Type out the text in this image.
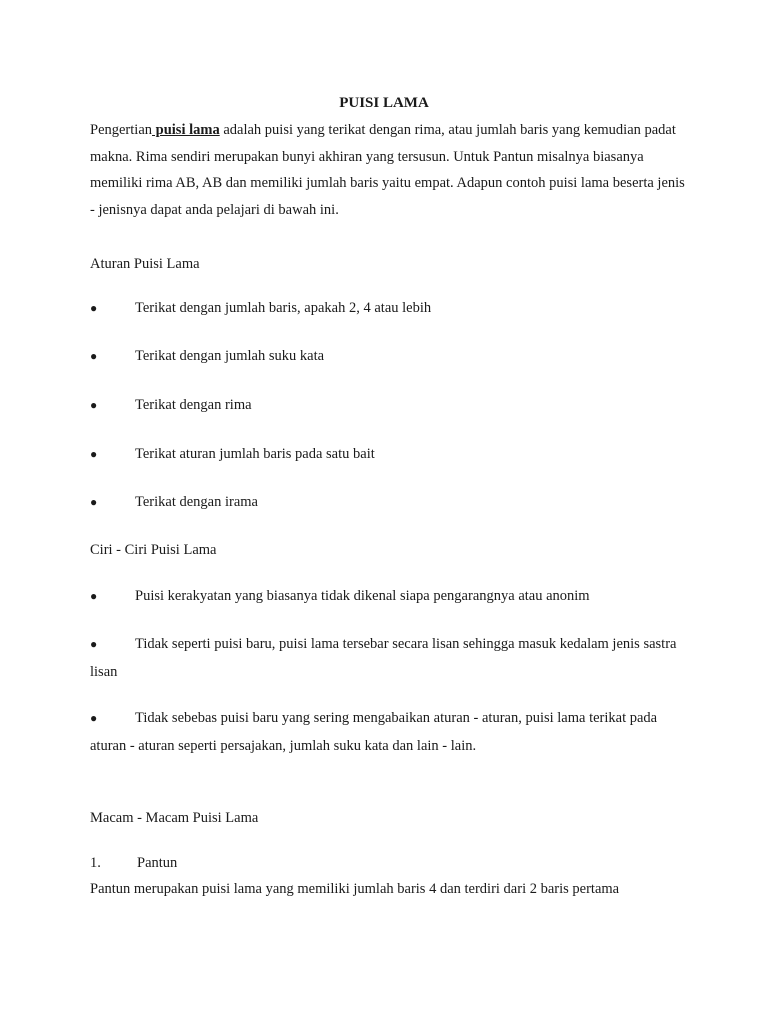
PUISI LAMA

Pengertian puisi lama adalah puisi yang terikat dengan rima, atau jumlah baris yang kemudian padat makna. Rima sendiri merupakan bunyi akhiran yang tersusun. Untuk Pantun misalnya biasanya memiliki rima AB, AB dan memiliki jumlah baris yaitu empat. Adapun contoh puisi lama beserta jenis - jenisnya dapat anda pelajari di bawah ini.

Aturan Puisi Lama
●	Terikat dengan jumlah baris, apakah 2, 4 atau lebih
●	Terikat dengan jumlah suku kata
●	Terikat dengan rima
●	Terikat aturan jumlah baris pada satu bait
●	Terikat dengan irama
Ciri - Ciri Puisi Lama
●	Puisi kerakyatan yang biasanya tidak dikenal siapa pengarangnya atau anonim
●	Tidak seperti puisi baru, puisi lama tersebar secara lisan sehingga masuk kedalam jenis sastra lisan
●	Tidak sebebas puisi baru yang sering mengabaikan aturan - aturan, puisi lama terikat pada aturan - aturan seperti persajakan, jumlah suku kata dan lain - lain.
Macam - Macam Puisi Lama
1. Pantun
Pantun merupakan puisi lama yang memiliki jumlah baris 4 dan terdiri dari 2 baris pertama
